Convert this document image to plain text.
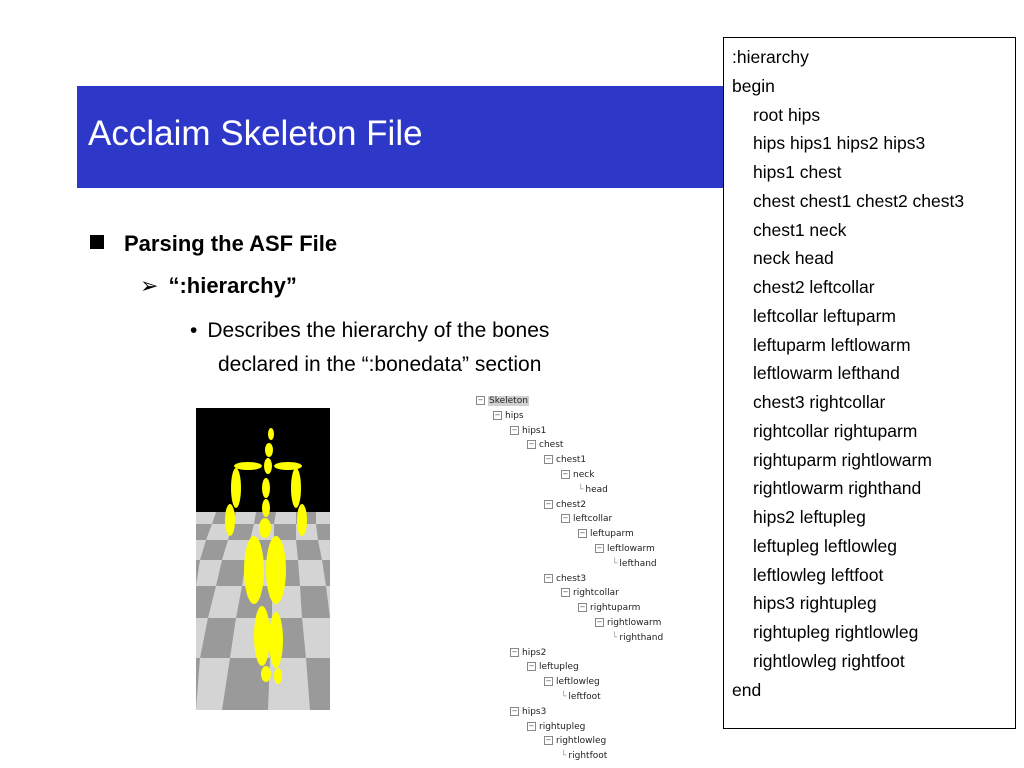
Acclaim Skeleton File
Parsing the ASF File
➢ “:hierarchy”
• Describes the hierarchy of the bones
declared in the “:bonedata” section
− Skeleton
− hips
− hips1
− chest
− chest1
− neck
└ head
− chest2
− leftcollar
− leftuparm
− leftlowarm
└ lefthand
− chest3
− rightcollar
− rightuparm
− rightlowarm
└ righthand
− hips2
− leftupleg
− leftlowleg
└ leftfoot
− hips3
− rightupleg
− rightlowleg
└ rightfoot
:hierarchy
begin
root hips
hips hips1 hips2 hips3
hips1 chest
chest chest1 chest2 chest3
chest1 neck
neck head
chest2 leftcollar
leftcollar leftuparm
leftuparm leftlowarm
leftlowarm lefthand
chest3 rightcollar
rightcollar rightuparm
rightuparm rightlowarm
rightlowarm righthand
hips2 leftupleg
leftupleg leftlowleg
leftlowleg leftfoot
hips3 rightupleg
rightupleg rightlowleg
rightlowleg rightfoot
end
